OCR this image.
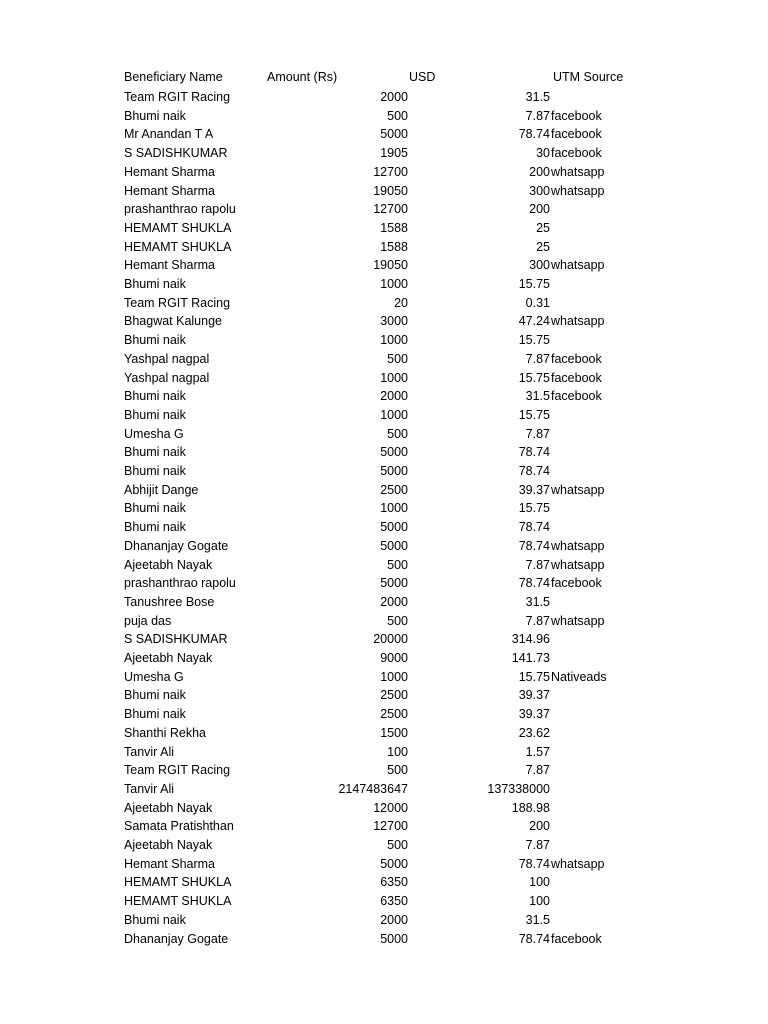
Beneficiary Name	Amount (Rs)	USD	UTM Source
Team RGIT Racing	2000	31.5
Bhumi naik	500	7.87 facebook
Mr Anandan T A	5000	78.74 facebook
S SADISHKUMAR	1905	30 facebook
Hemant Sharma	12700	200 whatsapp
Hemant Sharma	19050	300 whatsapp
prashanthrao rapolu	12700	200
HEMAMT SHUKLA	1588	25
HEMAMT SHUKLA	1588	25
Hemant Sharma	19050	300 whatsapp
Bhumi naik	1000	15.75
Team RGIT Racing	20	0.31
Bhagwat Kalunge	3000	47.24 whatsapp
Bhumi naik	1000	15.75
Yashpal nagpal	500	7.87 facebook
Yashpal nagpal	1000	15.75 facebook
Bhumi naik	2000	31.5 facebook
Bhumi naik	1000	15.75
Umesha G	500	7.87
Bhumi naik	5000	78.74
Bhumi naik	5000	78.74
Abhijit Dange	2500	39.37 whatsapp
Bhumi naik	1000	15.75
Bhumi naik	5000	78.74
Dhananjay Gogate	5000	78.74 whatsapp
Ajeetabh Nayak	500	7.87 whatsapp
prashanthrao rapolu	5000	78.74 facebook
Tanushree Bose	2000	31.5
puja das	500	7.87 whatsapp
S SADISHKUMAR	20000	314.96
Ajeetabh Nayak	9000	141.73
Umesha G	1000	15.75 Nativeads
Bhumi naik	2500	39.37
Bhumi naik	2500	39.37
Shanthi Rekha	1500	23.62
Tanvir Ali	100	1.57
Team RGIT Racing	500	7.87
Tanvir Ali	2147483647	137338000
Ajeetabh Nayak	12000	188.98
Samata Pratishthan	12700	200
Ajeetabh Nayak	500	7.87
Hemant Sharma	5000	78.74 whatsapp
HEMAMT SHUKLA	6350	100
HEMAMT SHUKLA	6350	100
Bhumi naik	2000	31.5
Dhananjay Gogate	5000	78.74 facebook
